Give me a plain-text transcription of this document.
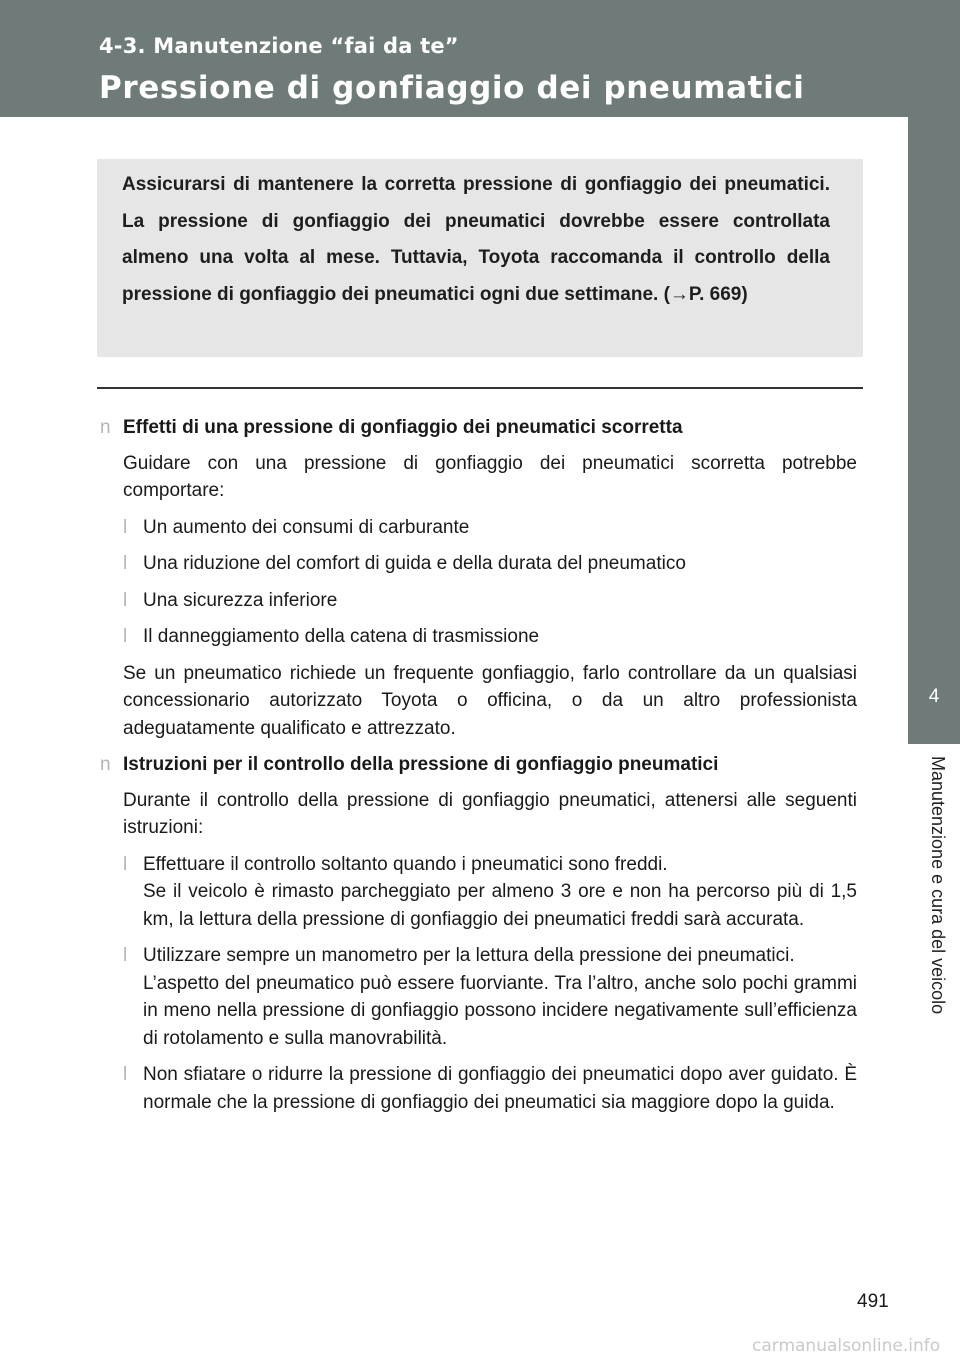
4-3. Manutenzione “fai da te”
Pressione di gonfiaggio dei pneumatici
4
Manutenzione e cura del veicolo
Assicurarsi di mantenere la corretta pressione di gonfiaggio dei pneumatici. La pressione di gonfiaggio dei pneumatici dovrebbe essere controllata almeno una volta al mese. Tuttavia, Toyota raccomanda il controllo della pressione di gonfiaggio dei pneumatici ogni due settimane. (→P. 669)
n Effetti di una pressione di gonfiaggio dei pneumatici scorretta
Guidare con una pressione di gonfiaggio dei pneumatici scorretta potrebbe comportare:
l Un aumento dei consumi di carburante
l Una riduzione del comfort di guida e della durata del pneumatico
l Una sicurezza inferiore
l Il danneggiamento della catena di trasmissione
Se un pneumatico richiede un frequente gonfiaggio, farlo controllare da un qualsiasi concessionario autorizzato Toyota o officina, o da un altro professionista adeguatamente qualificato e attrezzato.
n Istruzioni per il controllo della pressione di gonfiaggio pneumatici
Durante il controllo della pressione di gonfiaggio pneumatici, attenersi alle seguenti istruzioni:
l Effettuare il controllo soltanto quando i pneumatici sono freddi.
Se il veicolo è rimasto parcheggiato per almeno 3 ore e non ha percorso più di 1,5 km, la lettura della pressione di gonfiaggio dei pneumatici freddi sarà accurata.
l Utilizzare sempre un manometro per la lettura della pressione dei pneumatici.
L’aspetto del pneumatico può essere fuorviante. Tra l’altro, anche solo pochi grammi in meno nella pressione di gonfiaggio possono incidere negativamente sull’efficienza di rotolamento e sulla manovrabilità.
l Non sfiatare o ridurre la pressione di gonfiaggio dei pneumatici dopo aver guidato. È normale che la pressione di gonfiaggio dei pneumatici sia maggiore dopo la guida.
491
carmanualsonline.info
